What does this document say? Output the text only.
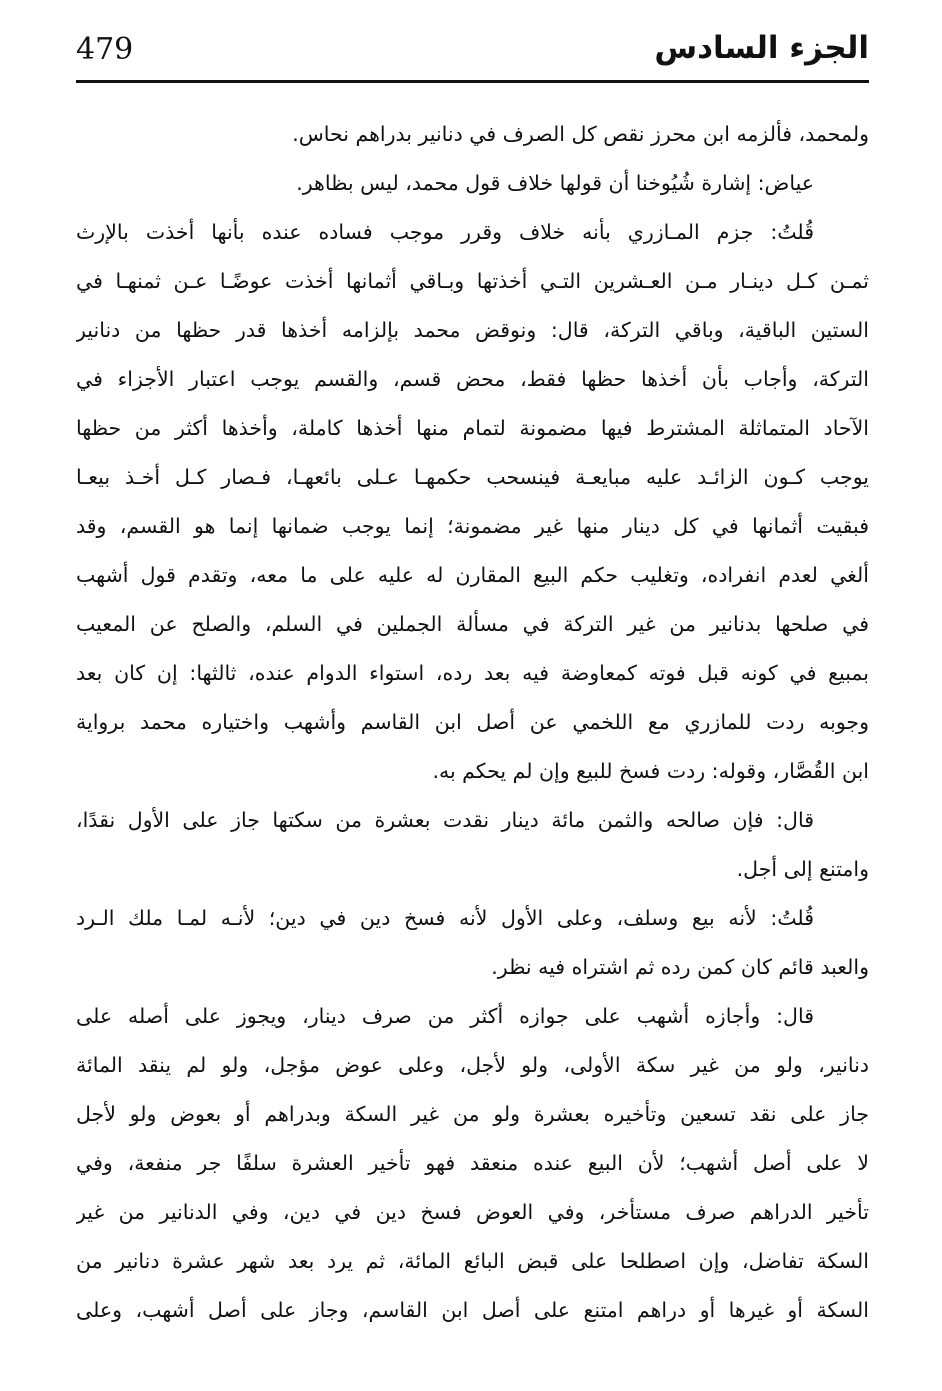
479	الجزء السادس
ولمحمد، فألزمه ابن محرز نقص كل الصرف في دنانير بدراهم نحاس.
عياض: إشارة شُيُوخنا أن قولها خلاف قول محمد، ليس بظاهر.
قُلتُ: جزم المـازري بأنه خلاف وقرر موجب فساده عنده بأنها أخذت بالإرث
ثمـن كـل دينـار مـن العـشرين التـي أخذتها وبـاقي أثمانها أخذت عوضًـا عـن ثمنهـا في
الستين الباقية، وباقي التركة، قال: ونوقض محمد بإلزامه أخذها قدر حظها من دنانير
التركة، وأجاب بأن أخذها حظها فقط، محض قسم، والقسم يوجب اعتبار الأجزاء في
الآحاد المتماثلة المشترط فيها مضمونة لتمام منها أخذها كاملة، وأخذها أكثر من حظها
يوجب كـون الزائـد عليه مبايعـة فينسحب حكمهـا عـلى بائعهـا، فـصار كـل أخـذ بيعـا
فبقيت أثمانها في كل دينار منها غير مضمونة؛ إنما يوجب ضمانها إنما هو القسم، وقد
ألغي لعدم انفراده، وتغليب حكم البيع المقارن له عليه على ما معه، وتقدم قول أشهب
في صلحها بدنانير من غير التركة في مسألة الجملين في السلم، والصلح عن المعيب
بمبيع في كونه قبل فوته كمعاوضة فيه بعد رده، استواء الدوام عنده، ثالثها: إن كان بعد
وجوبه ردت للمازري مع اللخمي عن أصل ابن القاسم وأشهب واختياره محمد برواية
ابن القُصَّار، وقوله: ردت فسخ للبيع وإن لم يحكم به.
قال: فإن صالحه والثمن مائة دينار نقدت بعشرة من سكتها جاز على الأول نقدًا،
وامتنع إلى أجل.
قُلتُ: لأنه بيع وسلف، وعلى الأول لأنه فسخ دين في دين؛ لأنـه لمـا ملك الـرد
والعبد قائم كان كمن رده ثم اشتراه فيه نظر.
قال: وأجازه أشهب على جوازه أكثر من صرف دينار، ويجوز على أصله على
دنانير، ولو من غير سكة الأولى، ولو لأجل، وعلى عوض مؤجل، ولو لم ينقد المائة
جاز على نقد تسعين وتأخيره بعشرة ولو من غير السكة وبدراهم أو بعوض ولو لأجل
لا على أصل أشهب؛ لأن البيع عنده منعقد فهو تأخير العشرة سلفًا جر منفعة، وفي
تأخير الدراهم صرف مستأخر، وفي العوض فسخ دين في دين، وفي الدنانير من غير
السكة تفاضل، وإن اصطلحا على قبض البائع المائة، ثم يرد بعد شهر عشرة دنانير من
السكة أو غيرها أو دراهم امتنع على أصل ابن القاسم، وجاز على أصل أشهب، وعلى
